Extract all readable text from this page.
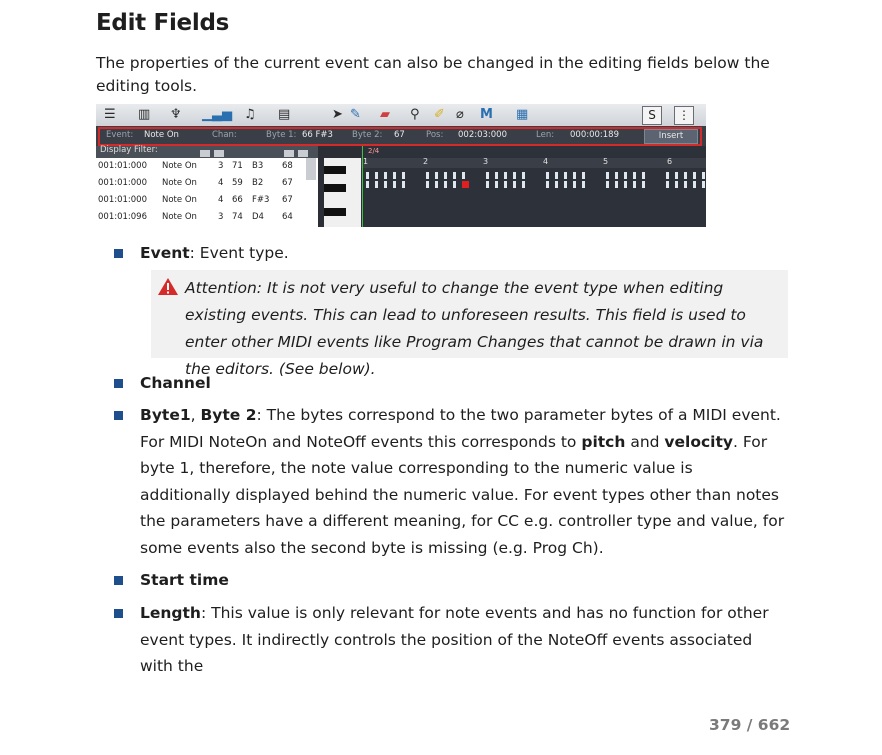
Edit Fields

The properties of the current event can also be changed in the editing fields below the editing tools.

☰ ▥ ♆ ▁▃▅ ♫ ▤	➤ ✎ ▰ ⚲ ✐ ⌀ M ▦	S	⋮
Event: Note On	Chan:	Byte 1: 66 F#3 Byte 2: 67 Pos: 002:03:000	Len: 000:00:189	Insert
Display Filter:
001:01:000 Note On 3 71 B3 68
001:01:000 Note On 4 59 B2 67
001:01:000 Note On 4 66 F#3 67
001:01:096 Note On 3 74 D4 64
1	2	3	4	5	6
2/4

Event: Event type.

Attention: It is not very useful to change the event type when editing existing events. This can lead to unforeseen results. This field is used to enter other MIDI events like Program Changes that cannot be drawn in via the editors. (See below).

Channel

Byte1, Byte 2: The bytes correspond to the two parameter bytes of a MIDI event. For MIDI NoteOn and NoteOff events this corresponds to pitch and velocity. For byte 1, therefore, the note value corresponding to the numeric value is additionally displayed behind the numeric value. For event types other than notes the parameters have a different meaning, for CC e.g. controller type and value, for some events also the second byte is missing (e.g. Prog Ch).

Start time

Length: This value is only relevant for note events and has no function for other event types. It indirectly controls the position of the NoteOff events associated with the

379 / 662
